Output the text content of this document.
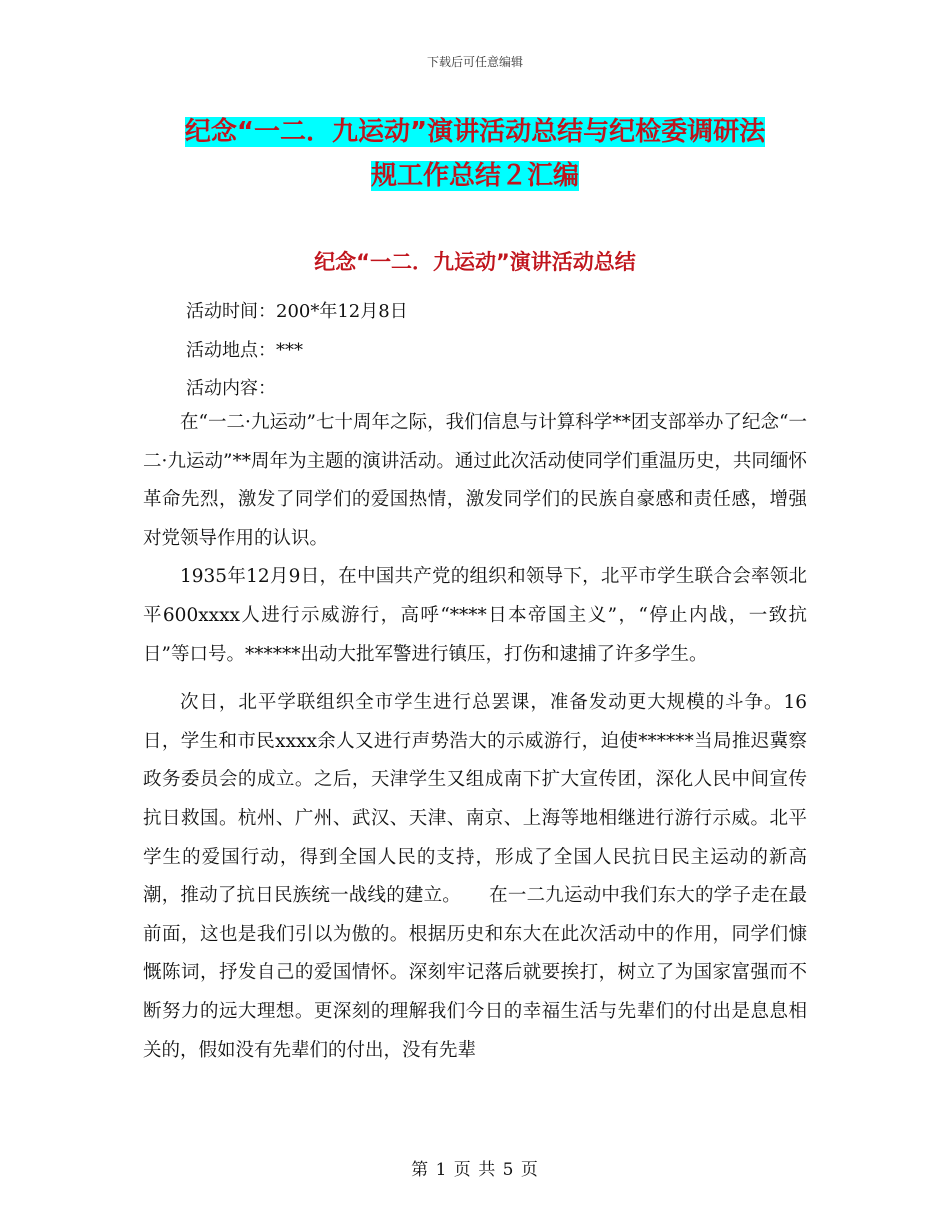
下载后可任意编辑
纪念“一二．九运动”演讲活动总结与纪检委调研法
规工作总结２汇编
纪念“一二．九运动”演讲活动总结
活动时间：200*年12月8日
活动地点：***
活动内容：

在“一二·九运动”七十周年之际，我们信息与计算科学**团支部举办了纪念“一二·九运动”**周年为主题的演讲活动。通过此次活动使同学们重温历史，共同缅怀革命先烈，激发了同学们的爱国热情，激发同学们的民族自豪感和责任感，增强对党领导作用的认识。

1935年12月9日，在中国共产党的组织和领导下，北平市学生联合会率领北平600xxxx人进行示威游行，高呼“****日本帝国主义”，“停止内战，一致抗日”等口号。******出动大批军警进行镇压，打伤和逮捕了许多学生。

次日，北平学联组织全市学生进行总罢课，准备发动更大规模的斗争。16日，学生和市民xxxx余人又进行声势浩大的示威游行，迫使******当局推迟冀察政务委员会的成立。之后，天津学生又组成南下扩大宣传团，深化人民中间宣传抗日救国。杭州、广州、武汉、天津、南京、上海等地相继进行游行示威。北平学生的爱国行动，得到全国人民的支持，形成了全国人民抗日民主运动的新高潮，推动了抗日民族统一战线的建立。　　在一二九运动中我们东大的学子走在最前面，这也是我们引以为傲的。根据历史和东大在此次活动中的作用，同学们慷慨陈词，抒发自己的爱国情怀。深刻牢记落后就要挨打，树立了为国家富强而不断努力的远大理想。更深刻的理解我们今日的幸福生活与先辈们的付出是息息相关的，假如没有先辈们的付出，没有先辈

第 1 页 共 5 页
